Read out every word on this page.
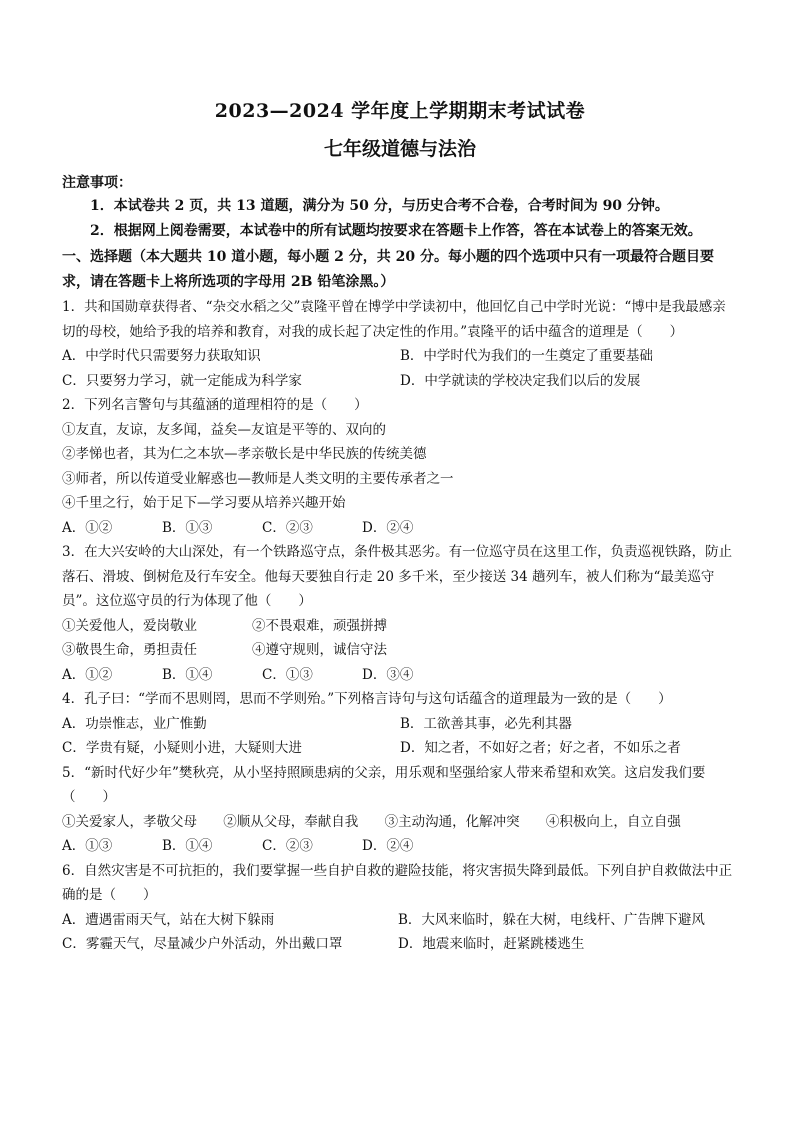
2023—2024 学年度上学期期末考试试卷
七年级道德与法治
注意事项：

1．本试卷共 2 页，共 13 道题，满分为 50 分，与历史合考不合卷，合考时间为 90 分钟。

2．根据网上阅卷需要，本试卷中的所有试题均按要求在答题卡上作答，答在本试卷上的答案无效。

一、选择题（本大题共 10 道小题，每小题 2 分，共 20 分。每小题的四个选项中只有一项最符合题目要求，请在答题卡上将所选项的字母用 2B 铅笔涂黑。）

1．共和国勋章获得者、“杂交水稻之父”袁隆平曾在博学中学读初中，他回忆自己中学时光说：“博中是我最感亲切的母校，她给予我的培养和教育，对我的成长起了决定性的作用。”袁隆平的话中蕴含的道理是（　　）

A．中学时代只需要努力获取知识	B．中学时代为我们的一生奠定了重要基础
C．只要努力学习，就一定能成为科学家	D．中学就读的学校决定我们以后的发展

2．下列名言警句与其蕴涵的道理相符的是（　　）

①友直，友谅，友多闻，益矣—友谊是平等的、双向的
②孝悌也者，其为仁之本欤—孝亲敬长是中华民族的传统美德
③师者，所以传道受业解惑也—教师是人类文明的主要传承者之一
④千里之行，始于足下—学习要从培养兴趣开始
A．①②	B．①③	C．②③	D．②④

3．在大兴安岭的大山深处，有一个铁路巡守点，条件极其恶劣。有一位巡守员在这里工作，负责巡视铁路，防止落石、滑坡、倒树危及行车安全。他每天要独自行走 20 多千米，至少接送 34 趟列车，被人们称为“最美巡守员”。这位巡守员的行为体现了他（　　）

①关爱他人，爱岗敬业	②不畏艰难，顽强拼搏
③敬畏生命，勇担责任	④遵守规则，诚信守法
A．①②	B．①④	C．①③	D．③④

4．孔子曰：“学而不思则罔，思而不学则殆。”下列格言诗句与这句话蕴含的道理最为一致的是（　　）

A．功崇惟志，业广惟勤	B．工欲善其事，必先利其器
C．学贵有疑，小疑则小进，大疑则大进	D．知之者，不如好之者；好之者，不如乐之者

5．“新时代好少年”樊秋亮，从小坚持照顾患病的父亲，用乐观和坚强给家人带来希望和欢笑。这启发我们要（　　）

①关爱家人，孝敬父母 ②顺从父母，奉献自我 ③主动沟通，化解冲突 ④积极向上，自立自强
A．①③	B．①④	C．②③	D．②④

6．自然灾害是不可抗拒的，我们要掌握一些自护自救的避险技能，将灾害损失降到最低。下列自护自救做法中正确的是（　　）

A．遭遇雷雨天气，站在大树下躲雨	B．大风来临时，躲在大树，电线杆、广告牌下避风
C．雾霾天气，尽量减少户外活动，外出戴口罩	D．地震来临时，赶紧跳楼逃生
